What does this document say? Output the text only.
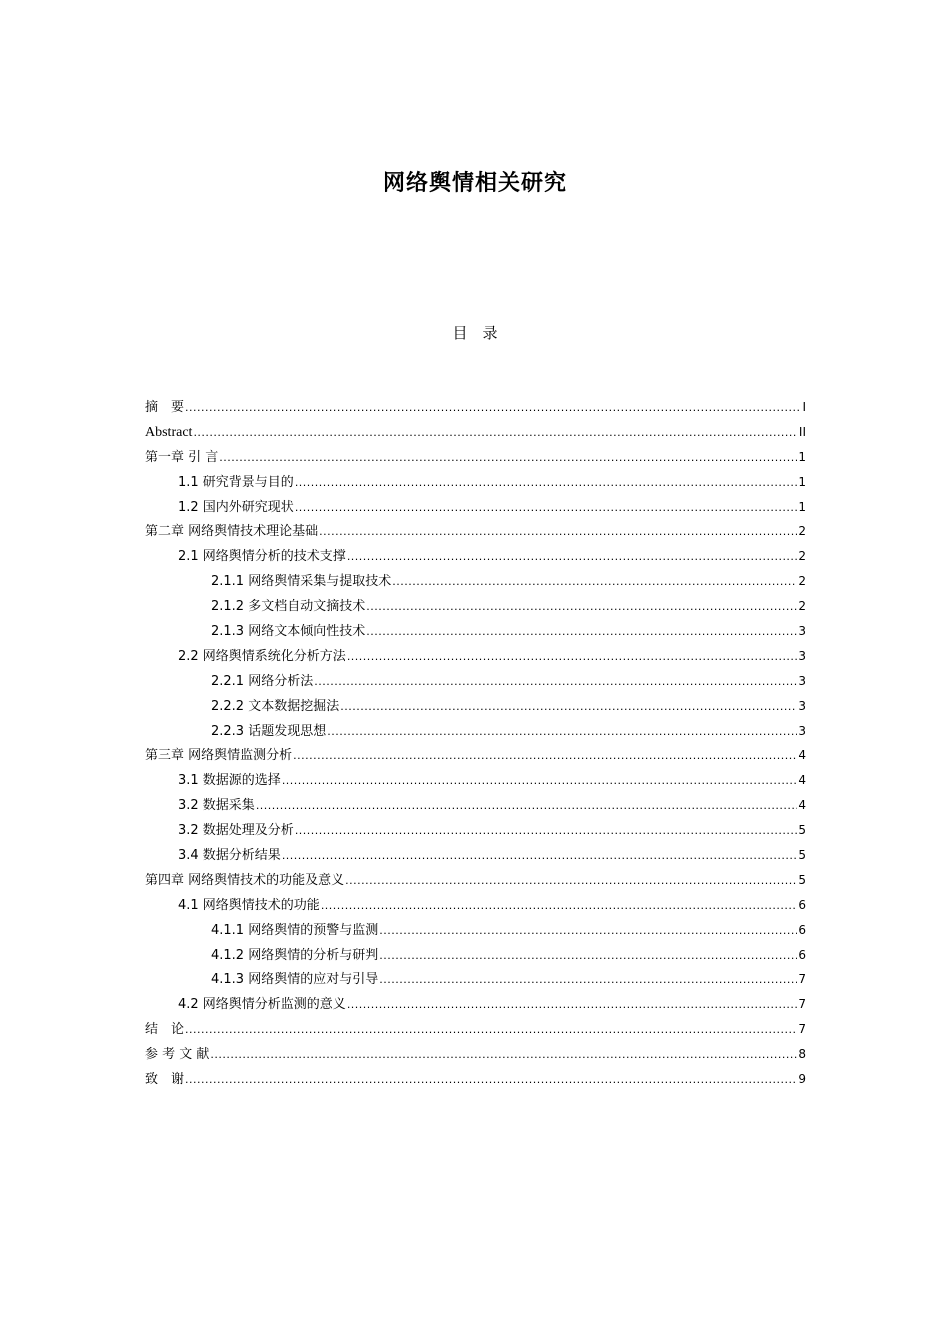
网络舆情相关研究
目　录
摘　要 .....	I
Abstract .....	II
第一章 引 言 .....	1
1.1 研究背景与目的 .....	1
1.2 国内外研究现状 .....	1
第二章 网络舆情技术理论基础 .....	2
2.1 网络舆情分析的技术支撑 .....	2
2.1.1 网络舆情采集与提取技术 .....	2
2.1.2 多文档自动文摘技术 .....	2
2.1.3 网络文本倾向性技术 .....	3
2.2 网络舆情系统化分析方法 .....	3
2.2.1 网络分析法 .....	3
2.2.2 文本数据挖掘法 .....	3
2.2.3 话题发现思想 .....	3
第三章 网络舆情监测分析 .....	4
3.1 数据源的选择 .....	4
3.2 数据采集 .....	4
3.2 数据处理及分析 .....	5
3.4 数据分析结果 .....	5
第四章 网络舆情技术的功能及意义 .....	5
4.1 网络舆情技术的功能 .....	6
4.1.1 网络舆情的预警与监测 .....	6
4.1.2 网络舆情的分析与研判 .....	6
4.1.3 网络舆情的应对与引导 .....	7
4.2 网络舆情分析监测的意义 .....	7
结　论 .....	7
参 考 文 献 .....	8
致　谢 .....	9
